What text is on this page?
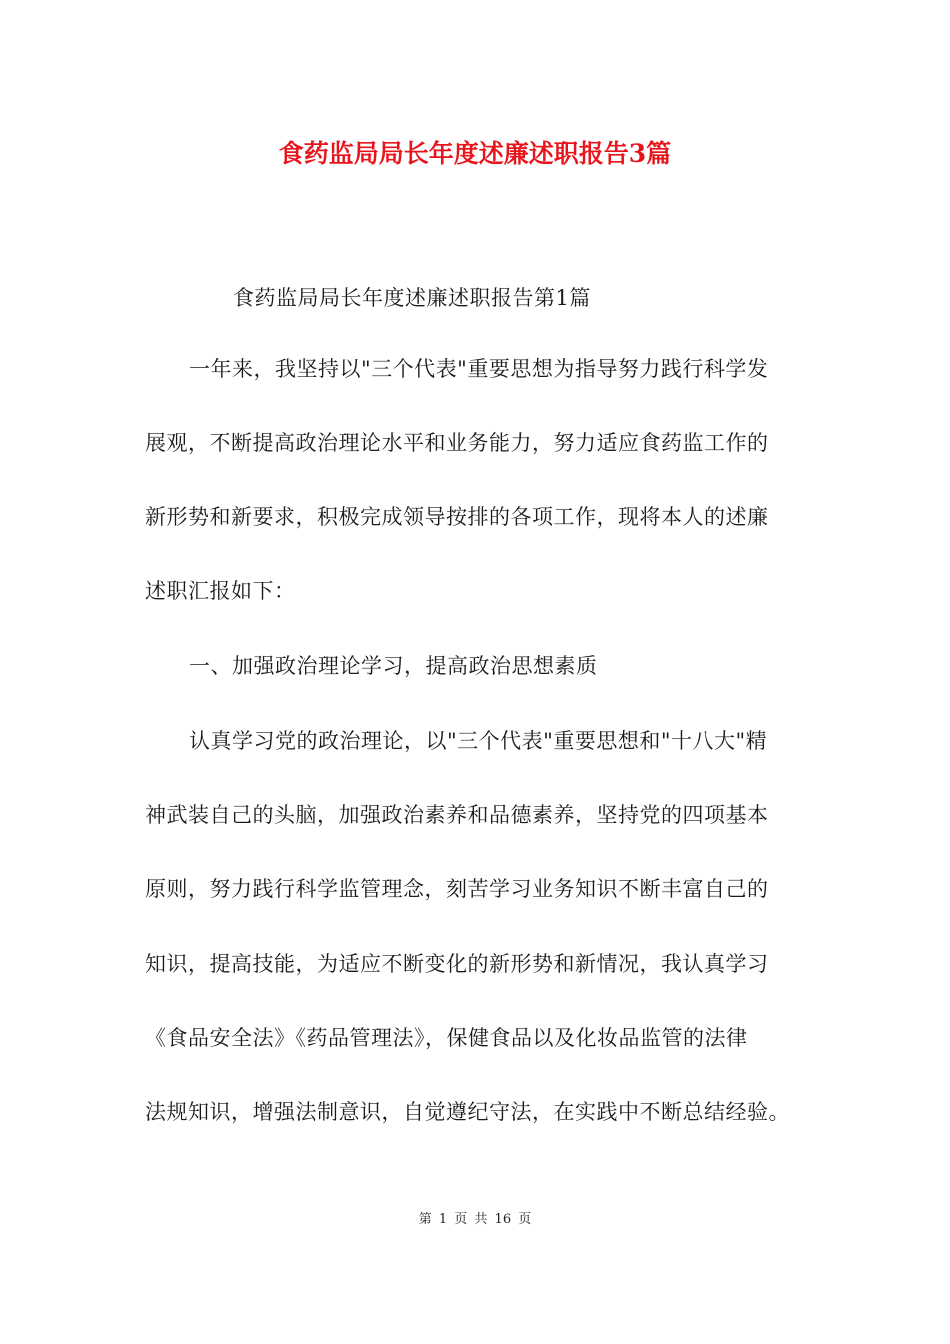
食药监局局长年度述廉述职报告3篇
食药监局局长年度述廉述职报告第1篇
一年来，我坚持以"三个代表"重要思想为指导努力践行科学发
展观，不断提高政治理论水平和业务能力，努力适应食药监工作的
新形势和新要求，积极完成领导按排的各项工作，现将本人的述廉
述职汇报如下：
一、加强政治理论学习，提高政治思想素质
认真学习党的政治理论，以"三个代表"重要思想和"十八大"精
神武装自己的头脑，加强政治素养和品德素养，坚持党的四项基本
原则，努力践行科学监管理念，刻苦学习业务知识不断丰富自己的
知识，提高技能，为适应不断变化的新形势和新情况，我认真学习
《食品安全法》《药品管理法》，保健食品以及化妆品监管的法律
法规知识，增强法制意识，自觉遵纪守法，在实践中不断总结经验。
第 1 页 共 16 页
